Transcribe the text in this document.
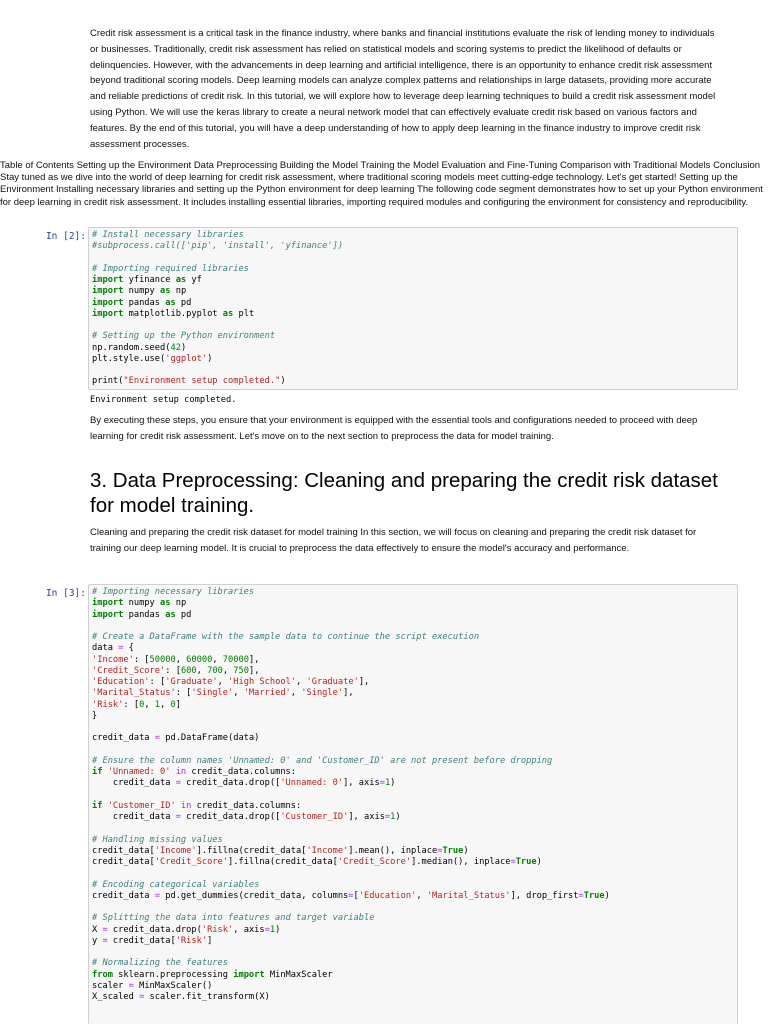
Credit risk assessment is a critical task in the finance industry, where banks and financial institutions evaluate the risk of lending money to individuals or businesses. Traditionally, credit risk assessment has relied on statistical models and scoring systems to predict the likelihood of defaults or delinquencies. However, with the advancements in deep learning and artificial intelligence, there is an opportunity to enhance credit risk assessment beyond traditional scoring models. Deep learning models can analyze complex patterns and relationships in large datasets, providing more accurate and reliable predictions of credit risk. In this tutorial, we will explore how to leverage deep learning techniques to build a credit risk assessment model using Python. We will use the keras library to create a neural network model that can effectively evaluate credit risk based on various factors and features. By the end of this tutorial, you will have a deep understanding of how to apply deep learning in the finance industry to improve credit risk assessment processes.
Table of Contents Setting up the Environment Data Preprocessing Building the Model Training the Model Evaluation and Fine-Tuning Comparison with Traditional Models Conclusion Stay tuned as we dive into the world of deep learning for credit risk assessment, where traditional scoring models meet cutting-edge technology. Let's get started! Setting up the Environment Installing necessary libraries and setting up the Python environment for deep learning The following code segment demonstrates how to set up your Python environment for deep learning in credit risk assessment. It includes installing essential libraries, importing required modules and configuring the environment for consistency and reproducibility.
In [2]: # Install necessary libraries
#subprocess.call(['pip', 'install', 'yfinance'])

# Importing required libraries
import yfinance as yf
import numpy as np
import pandas as pd
import matplotlib.pyplot as plt

# Setting up the Python environment
np.random.seed(42)
plt.style.use('ggplot')

print("Environment setup completed.")
Environment setup completed.
By executing these steps, you ensure that your environment is equipped with the essential tools and configurations needed to proceed with deep learning for credit risk assessment. Let's move on to the next section to preprocess the data for model training.
3. Data Preprocessing: Cleaning and preparing the credit risk dataset for model training.
Cleaning and preparing the credit risk dataset for model training In this section, we will focus on cleaning and preparing the credit risk dataset for training our deep learning model. It is crucial to preprocess the data effectively to ensure the model's accuracy and performance.
In [3]: # Importing necessary libraries
import numpy as np
import pandas as pd

# Create a DataFrame with the sample data to continue the script execution
data = {
'Income': [50000, 60000, 70000],
'Credit_Score': [600, 700, 750],
'Education': ['Graduate', 'High School', 'Graduate'],
'Marital_Status': ['Single', 'Married', 'Single'],
'Risk': [0, 1, 0]
}

credit_data = pd.DataFrame(data)

# Ensure the column names 'Unnamed: 0' and 'Customer_ID' are not present before dropping
if 'Unnamed: 0' in credit_data.columns:
credit_data = credit_data.drop(['Unnamed: 0'], axis=1)

if 'Customer_ID' in credit_data.columns:
credit_data = credit_data.drop(['Customer_ID'], axis=1)

# Handling missing values
credit_data['Income'].fillna(credit_data['Income'].mean(), inplace=True)
credit_data['Credit_Score'].fillna(credit_data['Credit_Score'].median(), inplace=True)

# Encoding categorical variables
credit_data = pd.get_dummies(credit_data, columns=['Education', 'Marital_Status'], drop_first=True)

# Splitting the data into features and target variable
X = credit_data.drop('Risk', axis=1)
y = credit_data['Risk']

# Normalizing the features
from sklearn.preprocessing import MinMaxScaler
scaler = MinMaxScaler()
X_scaled = scaler.fit_transform(X)
